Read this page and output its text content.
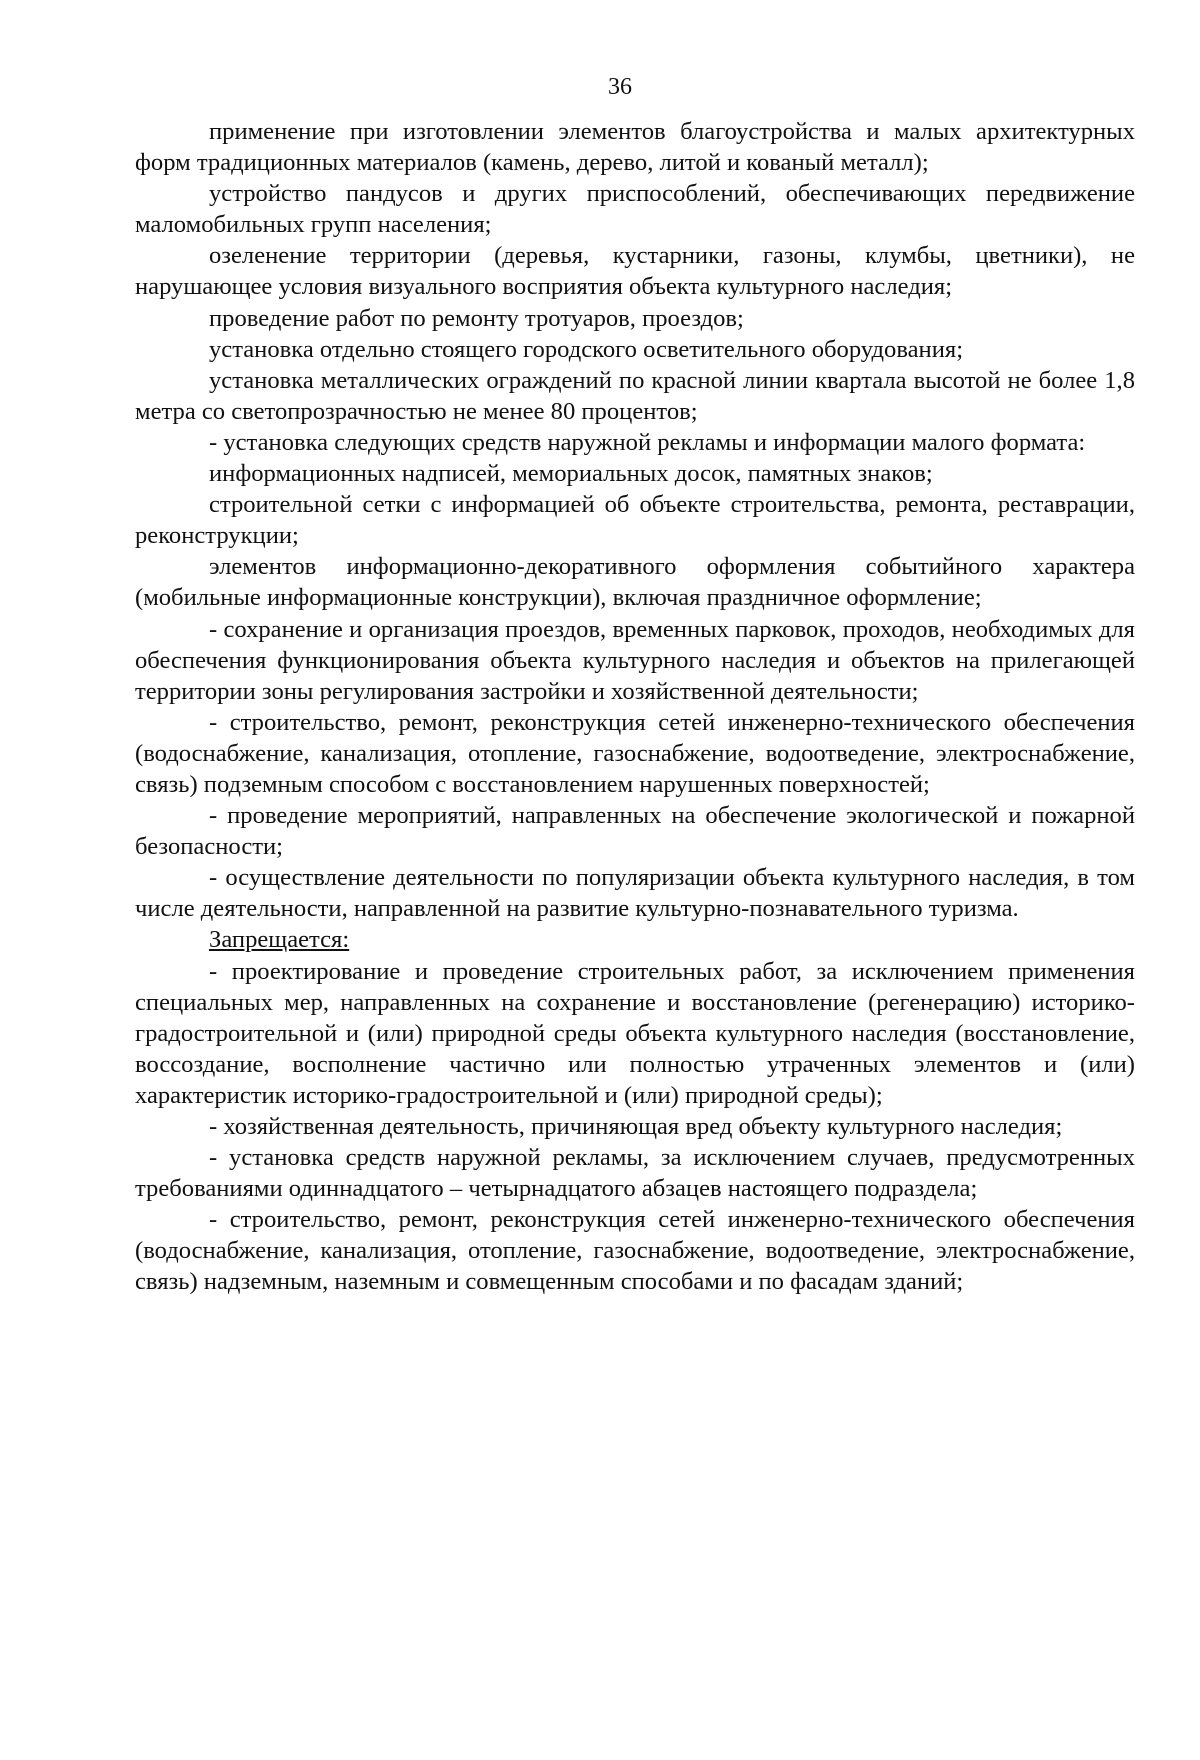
36

применение при изготовлении элементов благоустройства и малых архитектурных форм традиционных материалов (камень, дерево, литой и кованый металл);

устройство пандусов и других приспособлений, обеспечивающих передвижение маломобильных групп населения;

озеленение территории (деревья, кустарники, газоны, клумбы, цветники), не нарушающее условия визуального восприятия объекта культурного наследия;

проведение работ по ремонту тротуаров, проездов;

установка отдельно стоящего городского осветительного оборудования;

установка металлических ограждений по красной линии квартала высотой не более 1,8 метра со светопрозрачностью не менее 80 процентов;

- установка следующих средств наружной рекламы и информации малого формата:

информационных надписей, мемориальных досок, памятных знаков;

строительной сетки с информацией об объекте строительства, ремонта, реставрации, реконструкции;

элементов информационно-декоративного оформления событийного характера (мобильные информационные конструкции), включая праздничное оформление;

- сохранение и организация проездов, временных парковок, проходов, необходимых для обеспечения функционирования объекта культурного наследия и объектов на прилегающей территории зоны регулирования застройки и хозяйственной деятельности;

- строительство, ремонт, реконструкция сетей инженерно-технического обеспечения (водоснабжение, канализация, отопление, газоснабжение, водоотведение, электроснабжение, связь) подземным способом с восстановлением нарушенных поверхностей;

- проведение мероприятий, направленных на обеспечение экологической и пожарной безопасности;

- осуществление деятельности по популяризации объекта культурного наследия, в том числе деятельности, направленной на развитие культурно-познавательного туризма.

Запрещается:

- проектирование и проведение строительных работ, за исключением применения специальных мер, направленных на сохранение и восстановление (регенерацию) историко-градостроительной и (или) природной среды объекта культурного наследия (восстановление, воссоздание, восполнение частично или полностью утраченных элементов и (или) характеристик историко-градостроительной и (или) природной среды);

- хозяйственная деятельность, причиняющая вред объекту культурного наследия;

- установка средств наружной рекламы, за исключением случаев, предусмотренных требованиями одиннадцатого – четырнадцатого абзацев настоящего подраздела;

- строительство, ремонт, реконструкция сетей инженерно-технического обеспечения (водоснабжение, канализация, отопление, газоснабжение, водоотведение, электроснабжение, связь) надземным, наземным и совмещенным способами и по фасадам зданий;
